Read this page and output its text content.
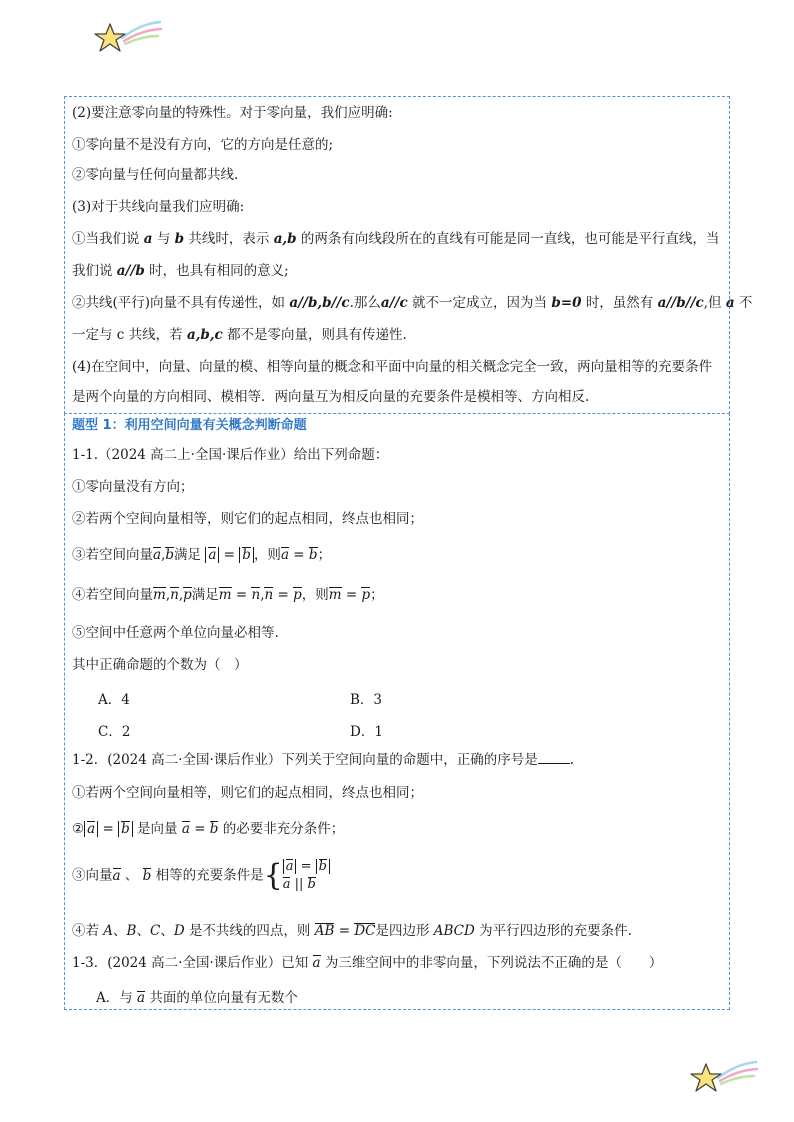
(2)要注意零向量的特殊性。对于零向量，我们应明确:
①零向量不是没有方向，它的方向是任意的;
②零向量与任何向量都共线.
(3)对于共线向量我们应明确:
①当我们说 a 与 b 共线时，表示 a,b 的两条有向线段所在的直线有可能是同一直线，也可能是平行直线，当
我们说 a//b 时，也具有相同的意义;
②共线(平行)向量不具有传递性，如 a//b,b//c.那么a//c 就不一定成立，因为当 b=0 时，虽然有 a//b//c,但 a 不
一定与 c 共线，若 a,b,c 都不是零向量，则具有传递性.
(4)在空间中，向量、向量的模、相等向量的概念和平面中向量的相关概念完全一致，两向量相等的充要条件
是两个向量的方向相同、模相等．两向量互为相反向量的充要条件是模相等、方向相反.
题型 1：利用空间向量有关概念判断命题
1-1.（2024 高二上·全国·课后作业）给出下列命题：
①零向量没有方向；
②若两个空间向量相等，则它们的起点相同，终点也相同；
③若空间向量a,b满足 a = b ，则a = b；
④若空间向量m,n,p满足m = n,n = p，则m = p；
⑤空间中任意两个单位向量必相等.
其中正确命题的个数为（　）
A．4	B．3
C．2	D．1
1-2．(2024 高二·全国·课后作业）下列关于空间向量的命题中，正确的序号是 .
①若两个空间向量相等，则它们的起点相同，终点也相同；
② a = b 是向量 a = b 的必要非充分条件；
③向量a 、 b 相等的充要条件是{ a = b
a || b
④若 A、B、C、D 是不共线的四点，则 AB = DC是四边形 ABCD 为平行四边形的充要条件.
1-3．(2024 高二·全国·课后作业）已知 a 为三维空间中的非零向量，下列说法不正确的是（　　）
A．与 a 共面的单位向量有无数个
